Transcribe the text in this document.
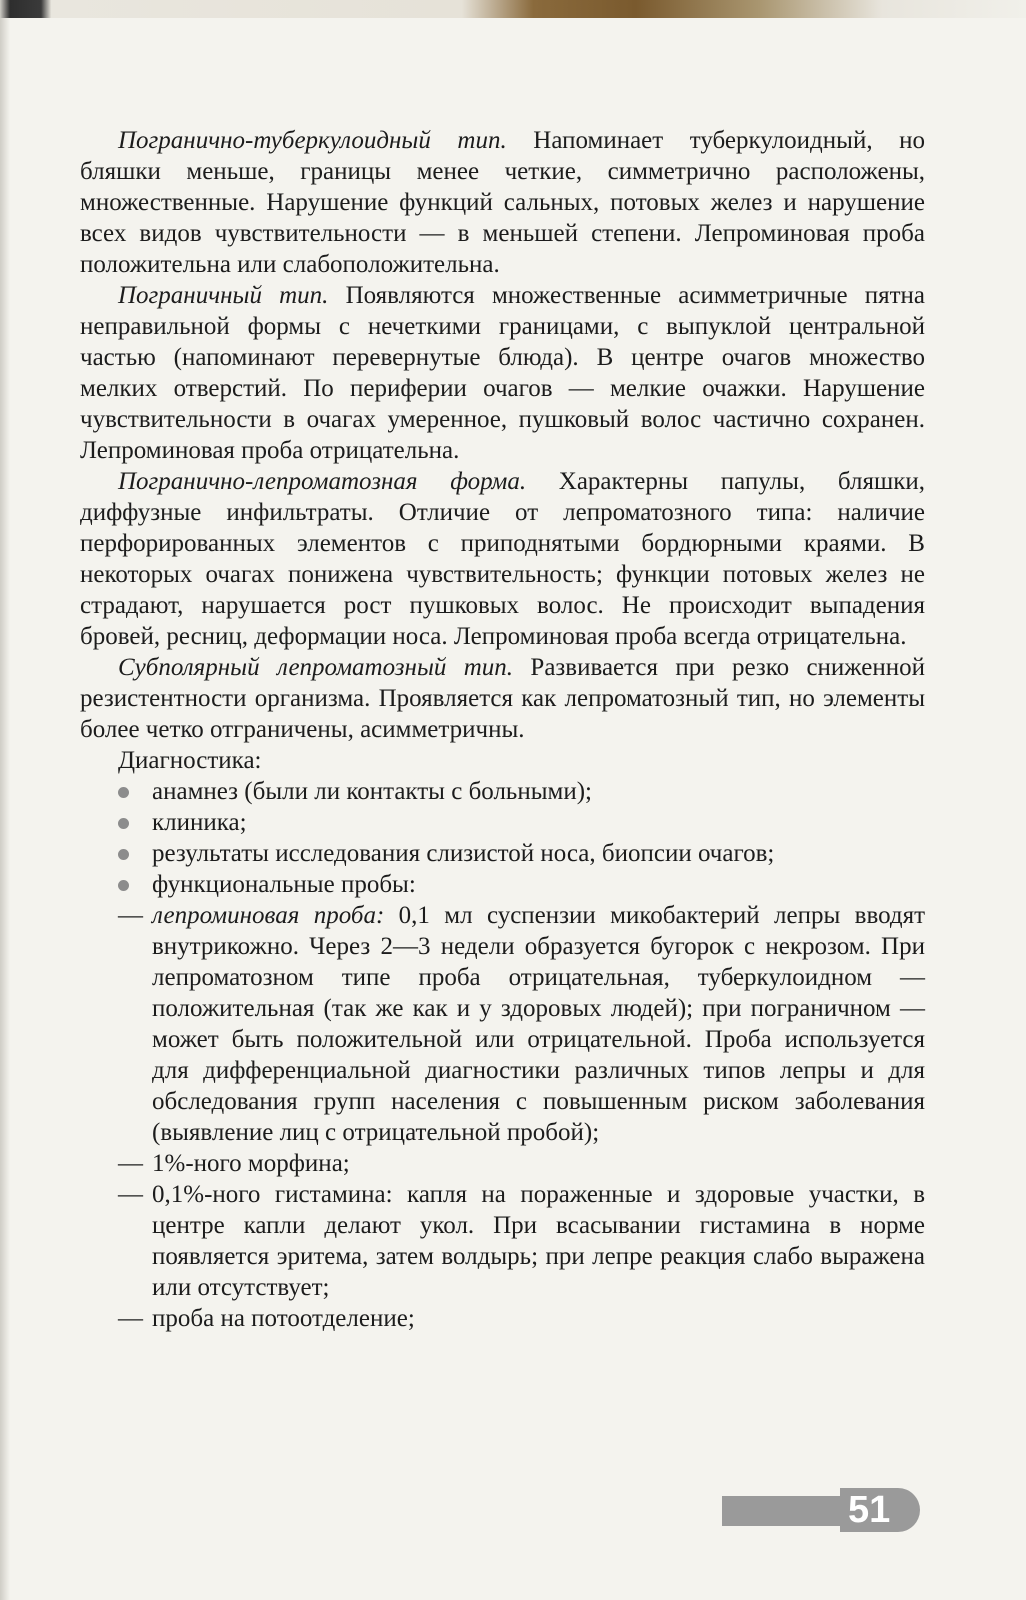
Погранично-туберкулоидный тип. Напоминает туберкулоидный, но бляшки меньше, границы менее четкие, симметрично расположены, множественные. Нарушение функций сальных, потовых желез и нарушение всех видов чувствительности — в меньшей степени. Лепроминовая проба положительна или слабоположительна.

Пограничный тип. Появляются множественные асимметричные пятна неправильной формы с нечеткими границами, с выпуклой центральной частью (напоминают перевернутые блюда). В центре очагов множество мелких отверстий. По периферии очагов — мелкие очажки. Нарушение чувствительности в очагах умеренное, пушковый волос частично сохранен. Лепроминовая проба отрицательна.

Погранично-лепроматозная форма. Характерны папулы, бляшки, диффузные инфильтраты. Отличие от лепроматозного типа: наличие перфорированных элементов с приподнятыми бордюрными краями. В некоторых очагах понижена чувствительность; функции потовых желез не страдают, нарушается рост пушковых волос. Не происходит выпадения бровей, ресниц, деформации носа. Лепроминовая проба всегда отрицательна.

Субполярный лепроматозный тип. Развивается при резко сниженной резистентности организма. Проявляется как лепроматозный тип, но элементы более четко отграничены, асимметричны.

Диагностика:
анамнез (были ли контакты с больными);
клиника;
результаты исследования слизистой носа, биопсии очагов;
функциональные пробы:
— лепроминовая проба: 0,1 мл суспензии микобактерий лепры вводят внутрикожно. Через 2—3 недели образуется бугорок с некрозом. При лепроматозном типе проба отрицательная, туберкулоидном — положительная (так же как и у здоровых людей); при пограничном — может быть положительной или отрицательной. Проба используется для дифференциальной диагностики различных типов лепры и для обследования групп населения с повышенным риском заболевания (выявление лиц с отрицательной пробой);
— 1%-ного морфина;
— 0,1%-ного гистамина: капля на пораженные и здоровые участки, в центре капли делают укол. При всасывании гистамина в норме появляется эритема, затем волдырь; при лепре реакция слабо выражена или отсутствует;
— проба на потоотделение;
51
